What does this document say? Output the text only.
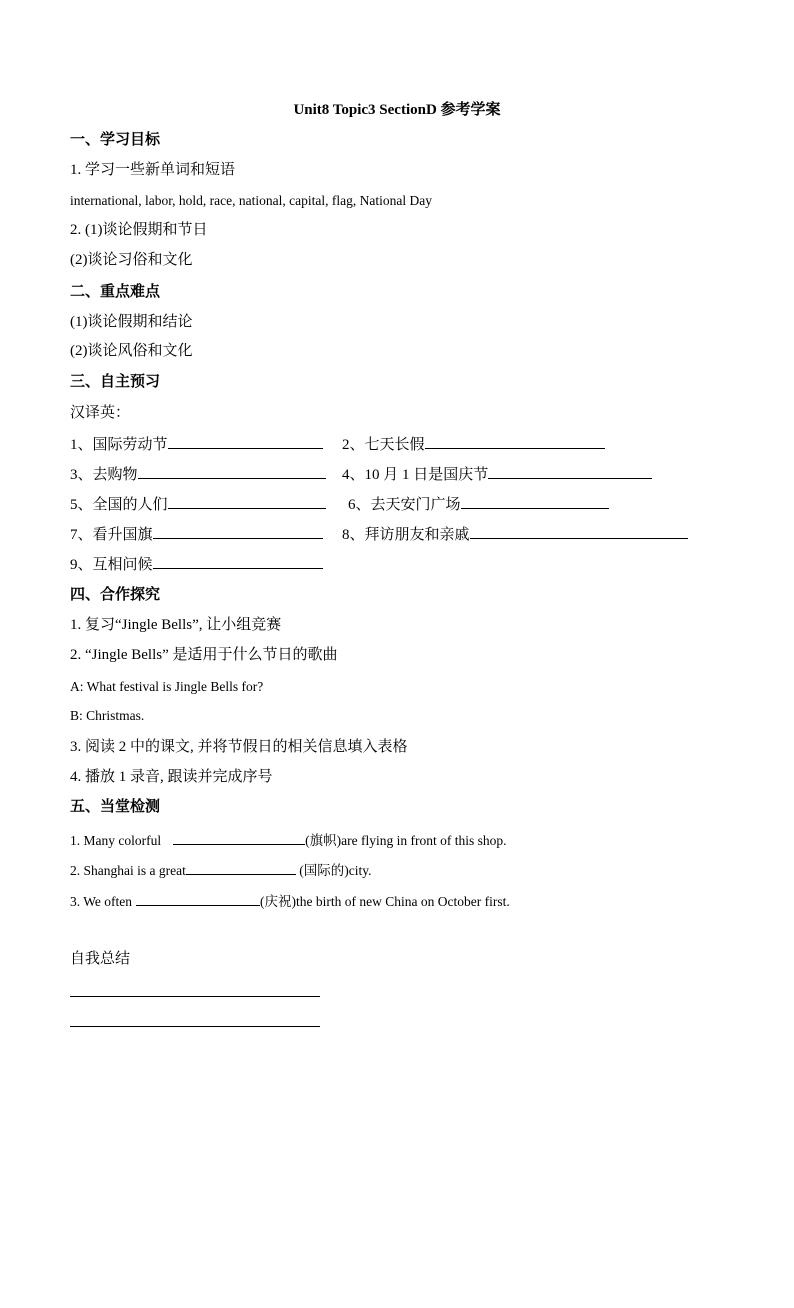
Unit8 Topic3 SectionD 参考学案
一、学习目标
1. 学习一些新单词和短语
international, labor, hold, race, national, capital, flag, National Day
2. (1)谈论假期和节日
(2)谈论习俗和文化
二、重点难点
(1)谈论假期和结论
(2)谈论风俗和文化
三、自主预习
汉译英：
1、国际劳动节	2、七天长假
3、去购物	4、10 月 1 日是国庆节
5、全国的人们	6、去天安门广场
7、看升国旗	8、拜访朋友和亲戚
9、互相问候
四、合作探究
1. 复习“Jingle Bells”, 让小组竞赛
2. “Jingle Bells” 是适用于什么节日的歌曲
A: What festival is Jingle Bells for?
B: Christmas.
3. 阅读 2 中的课文, 并将节假日的相关信息填入表格
4. 播放 1 录音, 跟读并完成序号
五、当堂检测
1. Many colorful	(旗帜)are flying in front of this shop.
2. Shanghai is a great	(国际的)city.
3. We often	(庆祝)the birth of new China on October first.
自我总结
